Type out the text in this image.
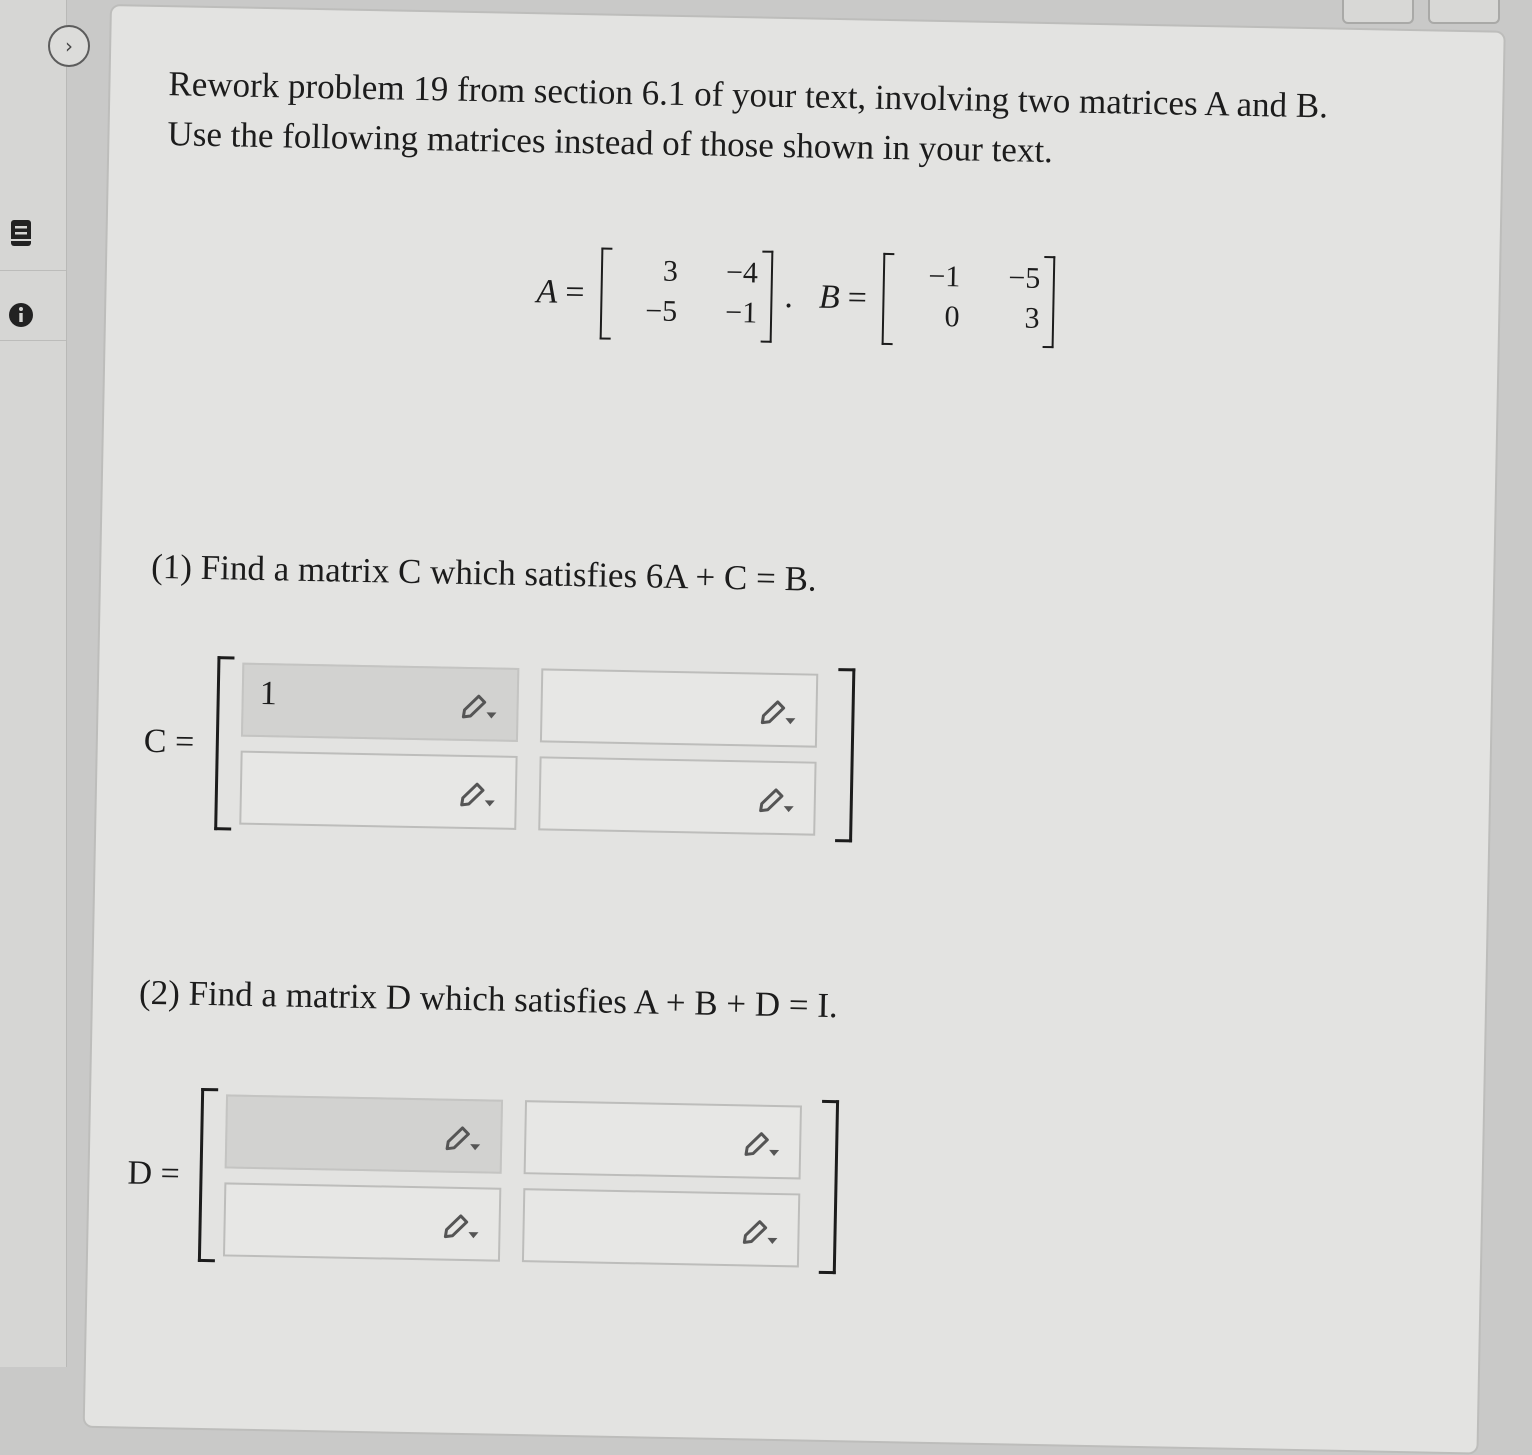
›
Rework problem 19 from section 6.1 of your text, involving two matrices A and B.
Use the following matrices instead of those shown in your text.
A =
3	−4
−5	−1 . B =
−1	−5
0	3
(1) Find a matrix C which satisfies 6A + C = B.
C =
1
(2) Find a matrix D which satisfies A + B + D = I.
D =
